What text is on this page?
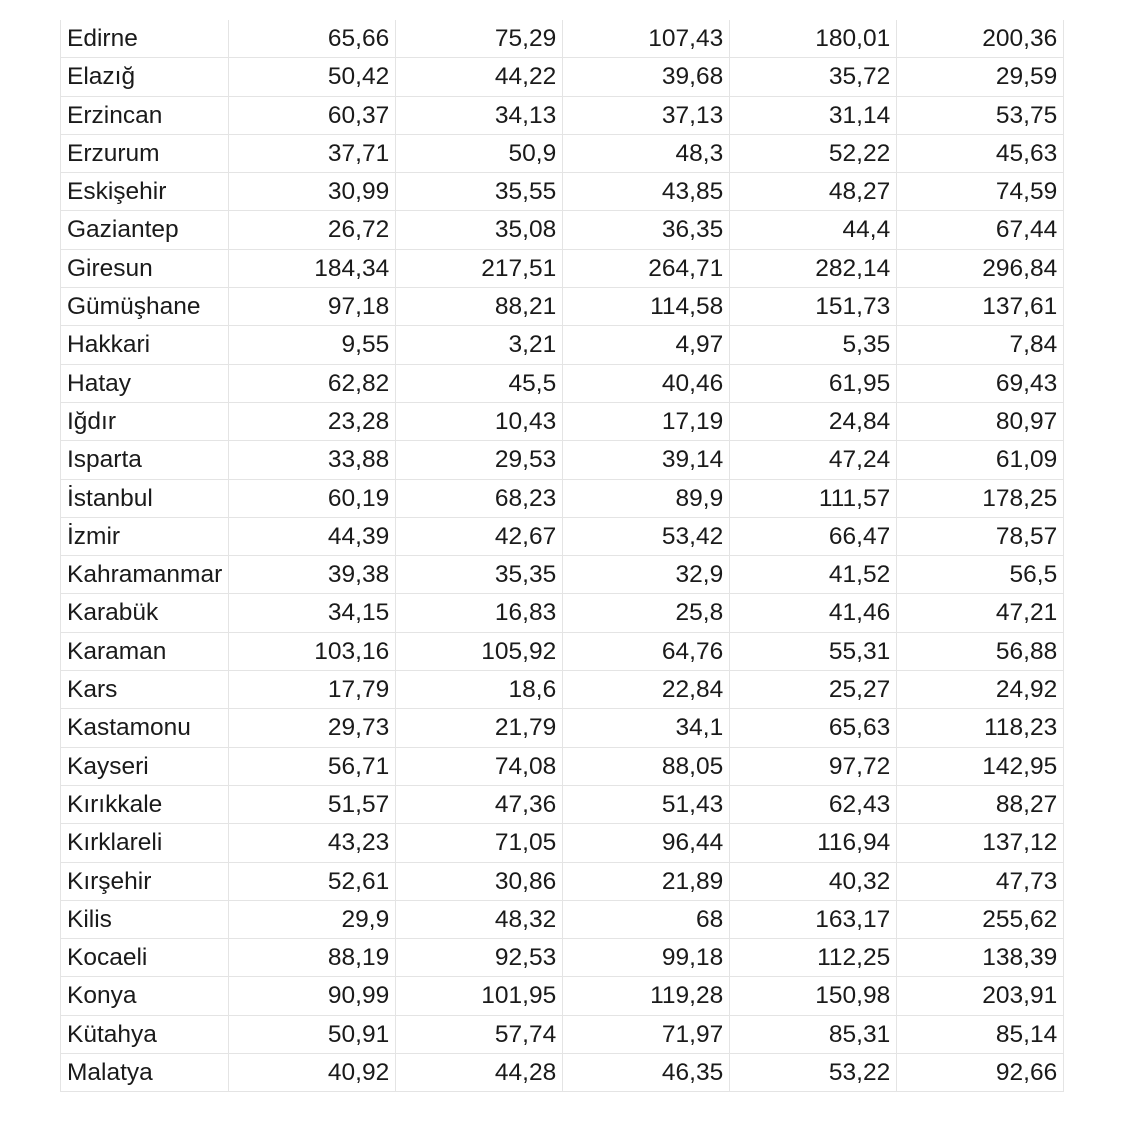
Edirne	65,66	75,29	107,43	180,01	200,36
Elazığ	50,42	44,22	39,68	35,72	29,59
Erzincan	60,37	34,13	37,13	31,14	53,75
Erzurum	37,71	50,9	48,3	52,22	45,63
Eskişehir	30,99	35,55	43,85	48,27	74,59
Gaziantep	26,72	35,08	36,35	44,4	67,44
Giresun	184,34	217,51	264,71	282,14	296,84
Gümüşhane	97,18	88,21	114,58	151,73	137,61
Hakkari	9,55	3,21	4,97	5,35	7,84
Hatay	62,82	45,5	40,46	61,95	69,43
Iğdır	23,28	10,43	17,19	24,84	80,97
Isparta	33,88	29,53	39,14	47,24	61,09
İstanbul	60,19	68,23	89,9	111,57	178,25
İzmir	44,39	42,67	53,42	66,47	78,57
Kahramanmar	39,38	35,35	32,9	41,52	56,5
Karabük	34,15	16,83	25,8	41,46	47,21
Karaman	103,16	105,92	64,76	55,31	56,88
Kars	17,79	18,6	22,84	25,27	24,92
Kastamonu	29,73	21,79	34,1	65,63	118,23
Kayseri	56,71	74,08	88,05	97,72	142,95
Kırıkkale	51,57	47,36	51,43	62,43	88,27
Kırklareli	43,23	71,05	96,44	116,94	137,12
Kırşehir	52,61	30,86	21,89	40,32	47,73
Kilis	29,9	48,32	68	163,17	255,62
Kocaeli	88,19	92,53	99,18	112,25	138,39
Konya	90,99	101,95	119,28	150,98	203,91
Kütahya	50,91	57,74	71,97	85,31	85,14
Malatya	40,92	44,28	46,35	53,22	92,66
